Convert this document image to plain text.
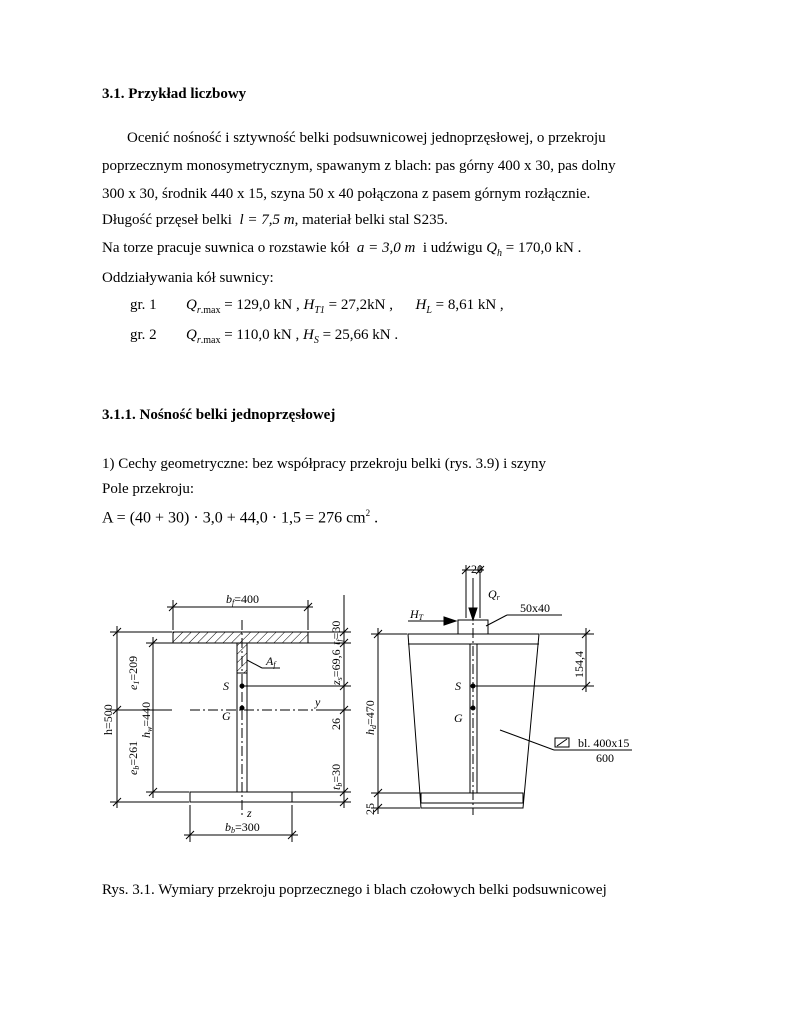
3.1. Przykład liczbowy
Ocenić nośność i sztywność belki podsuwnicowej jednoprzęsłowej, o przekroju
poprzecznym monosymetrycznym, spawanym z blach: pas górny 400 x 30, pas dolny
300 x 30, środnik 440 x 15, szyna 50 x 40 połączona z pasem górnym rozłącznie.
Długość przęseł belki l = 7,5 m, materiał belki stal S235.
Na torze pracuje suwnica o rozstawie kół a = 3,0 m i udźwigu $Q_h = 170,0$ kN .
Oddziaływania kół suwnicy:
gr. 1 $Q_{r.max} = 129,0$ kN , $H_{T1} = 27,2kN$ , $H_L = 8,61$ kN ,
gr. 2 $Q_{r.max} = 110,0$ kN , $H_S = 25,66$ kN .
3.1.1. Nośność belki jednoprzęsłowej
1) Cechy geometryczne: bez współpracy przekroju belki (rys. 3.9) i szyny
Pole przekroju:
A = (40 + 30) · 3,0 + 44,0 · 1,5 = 276 $cm^2$ .
bf=400
bb=300
h=500
e1=209
eb=261
hw=440
tf=30
zs=69,6
26
tb=30
Af
S
G
y
z
20
Qr
HT
50x40
hd=470
154,4
25
S
G
bl. 400x15
600
Rys. 3.1. Wymiary przekroju poprzecznego i blach czołowych belki podsuwnicowej
